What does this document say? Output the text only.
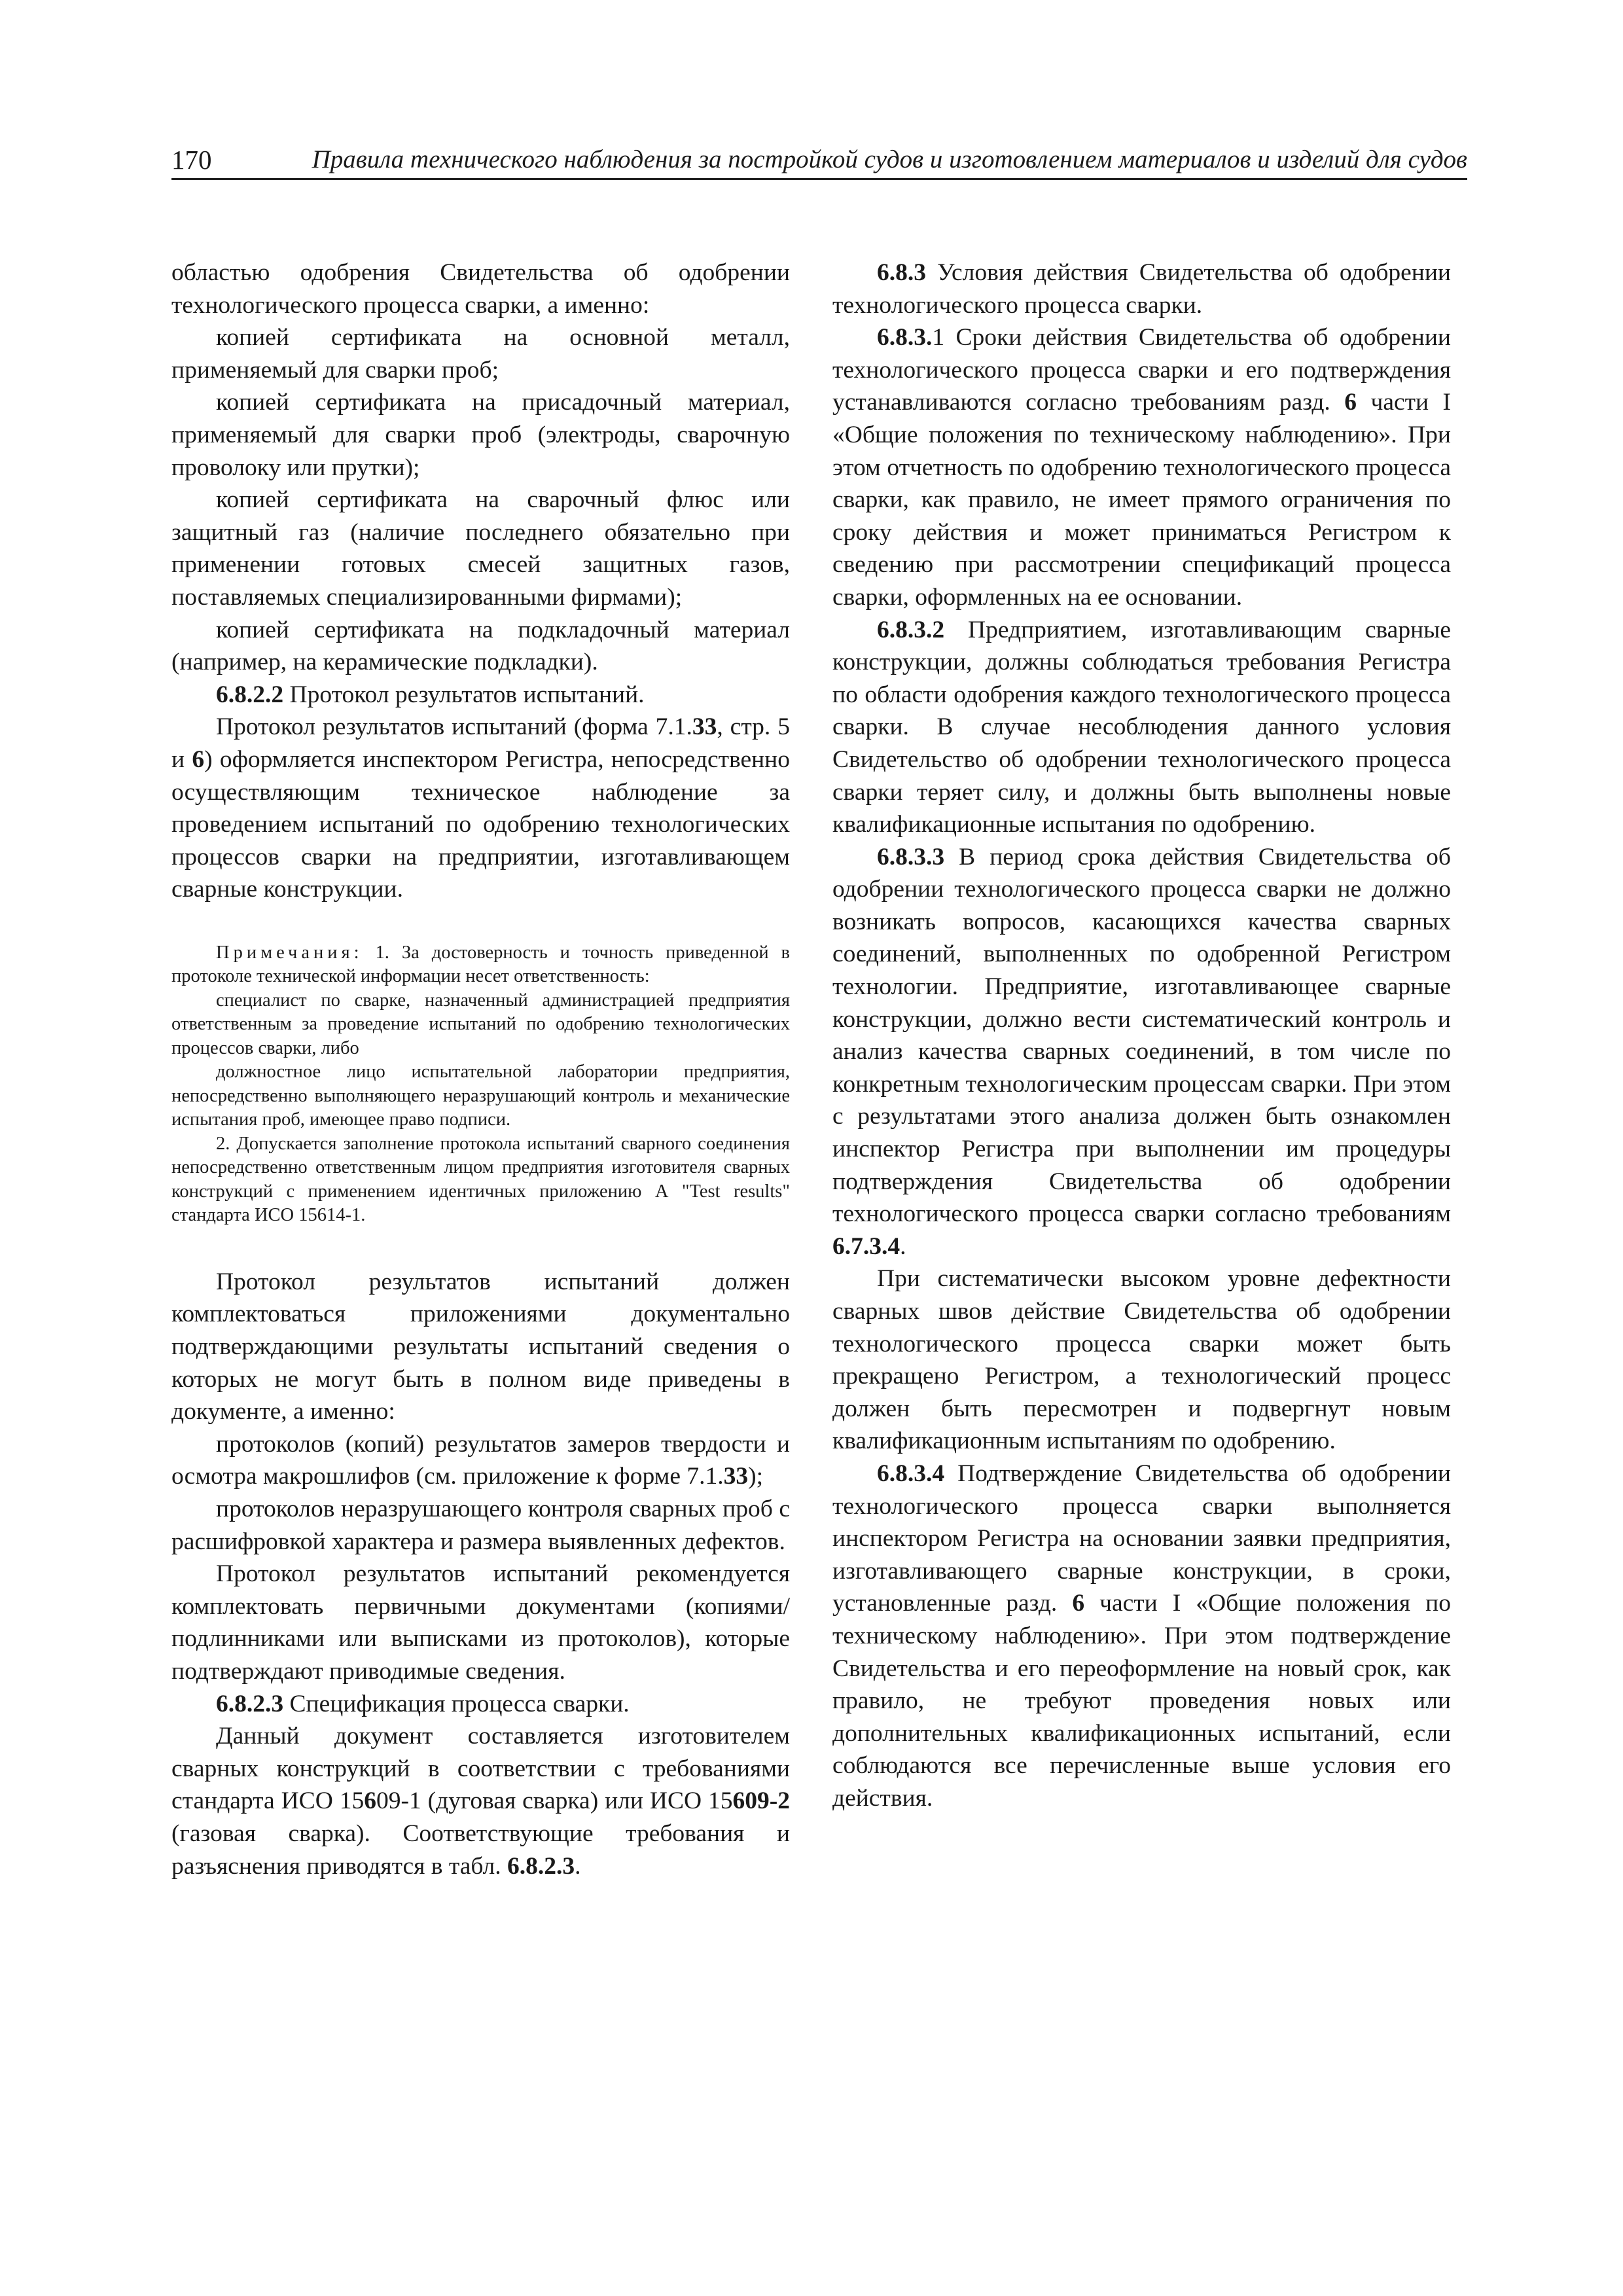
170	Правила технического наблюдения за постройкой судов и изготовлением материалов и изделий для судов

областью одобрения Свидетельства об одобрении технологического процесса сварки, а именно:

копией сертификата на основной металл, применяемый для сварки проб;

копией сертификата на присадочный материал, применяемый для сварки проб (электроды, сварочную проволоку или прутки);

копией сертификата на сварочный флюс или защитный газ (наличие последнего обязательно при применении готовых смесей защитных газов, поставляемых специализированными фирмами);

копией сертификата на подкладочный материал (например, на керамические подкладки).

6.8.2.2 Протокол результатов испытаний.

Протокол результатов испытаний (форма 7.1.33, стр. 5 и 6) оформляется инспектором Регистра, непосредственно осуществляющим техническое наблюдение за проведением испытаний по одобрению технологических процессов сварки на предприятии, изготавливающем сварные конструкции.

Примечания: 1. За достоверность и точность приведенной в протоколе технической информации несет ответственность:

специалист по сварке, назначенный администрацией предприятия ответственным за проведение испытаний по одобрению технологических процессов сварки, либо

должностное лицо испытательной лаборатории предприятия, непосредственно выполняющего неразрушающий контроль и механические испытания проб, имеющее право подписи.

2. Допускается заполнение протокола испытаний сварного соединения непосредственно ответственным лицом предприятия изготовителя сварных конструкций с применением идентичных приложению А "Test results" стандарта ИСО 15614-1.

Протокол результатов испытаний должен комплектоваться приложениями документально подтверждающими результаты испытаний сведения о которых не могут быть в полном виде приведены в документе, а именно:

протоколов (копий) результатов замеров твердости и осмотра макрошлифов (см. приложение к форме 7.1.33);

протоколов неразрушающего контроля сварных проб с расшифровкой характера и размера выявленных дефектов.

Протокол результатов испытаний рекомендуется комплектовать первичными документами (копиями/подлинниками или выписками из протоколов), которые подтверждают приводимые сведения.

6.8.2.3 Спецификация процесса сварки.

Данный документ составляется изготовителем сварных конструкций в соответствии с требованиями стандарта ИСО 15609-1 (дуговая сварка) или ИСО 15609-2 (газовая сварка). Соответствующие требования и разъяснения приводятся в табл. 6.8.2.3.

6.8.3 Условия действия Свидетельства об одобрении технологического процесса сварки.

6.8.3.1 Сроки действия Свидетельства об одобрении технологического процесса сварки и его подтверждения устанавливаются согласно требованиям разд. 6 части I «Общие положения по техническому наблюдению». При этом отчетность по одобрению технологического процесса сварки, как правило, не имеет прямого ограничения по сроку действия и может приниматься Регистром к сведению при рассмотрении спецификаций процесса сварки, оформленных на ее основании.

6.8.3.2 Предприятием, изготавливающим сварные конструкции, должны соблюдаться требования Регистра по области одобрения каждого технологического процесса сварки. В случае несоблюдения данного условия Свидетельство об одобрении технологического процесса сварки теряет силу, и должны быть выполнены новые квалификационные испытания по одобрению.

6.8.3.3 В период срока действия Свидетельства об одобрении технологического процесса сварки не должно возникать вопросов, касающихся качества сварных соединений, выполненных по одобренной Регистром технологии. Предприятие, изготавливающее сварные конструкции, должно вести систематический контроль и анализ качества сварных соединений, в том числе по конкретным технологическим процессам сварки. При этом с результатами этого анализа должен быть ознакомлен инспектор Регистра при выполнении им процедуры подтверждения Свидетельства об одобрении технологического процесса сварки согласно требованиям 6.7.3.4.

При систематически высоком уровне дефектности сварных швов действие Свидетельства об одобрении технологического процесса сварки может быть прекращено Регистром, а технологический процесс должен быть пересмотрен и подвергнут новым квалификационным испытаниям по одобрению.

6.8.3.4 Подтверждение Свидетельства об одобрении технологического процесса сварки выполняется инспектором Регистра на основании заявки предприятия, изготавливающего сварные конструкции, в сроки, установленные разд. 6 части I «Общие положения по техническому наблюдению». При этом подтверждение Свидетельства и его переоформление на новый срок, как правило, не требуют проведения новых или дополнительных квалификационных испытаний, если соблюдаются все перечисленные выше условия его действия.
